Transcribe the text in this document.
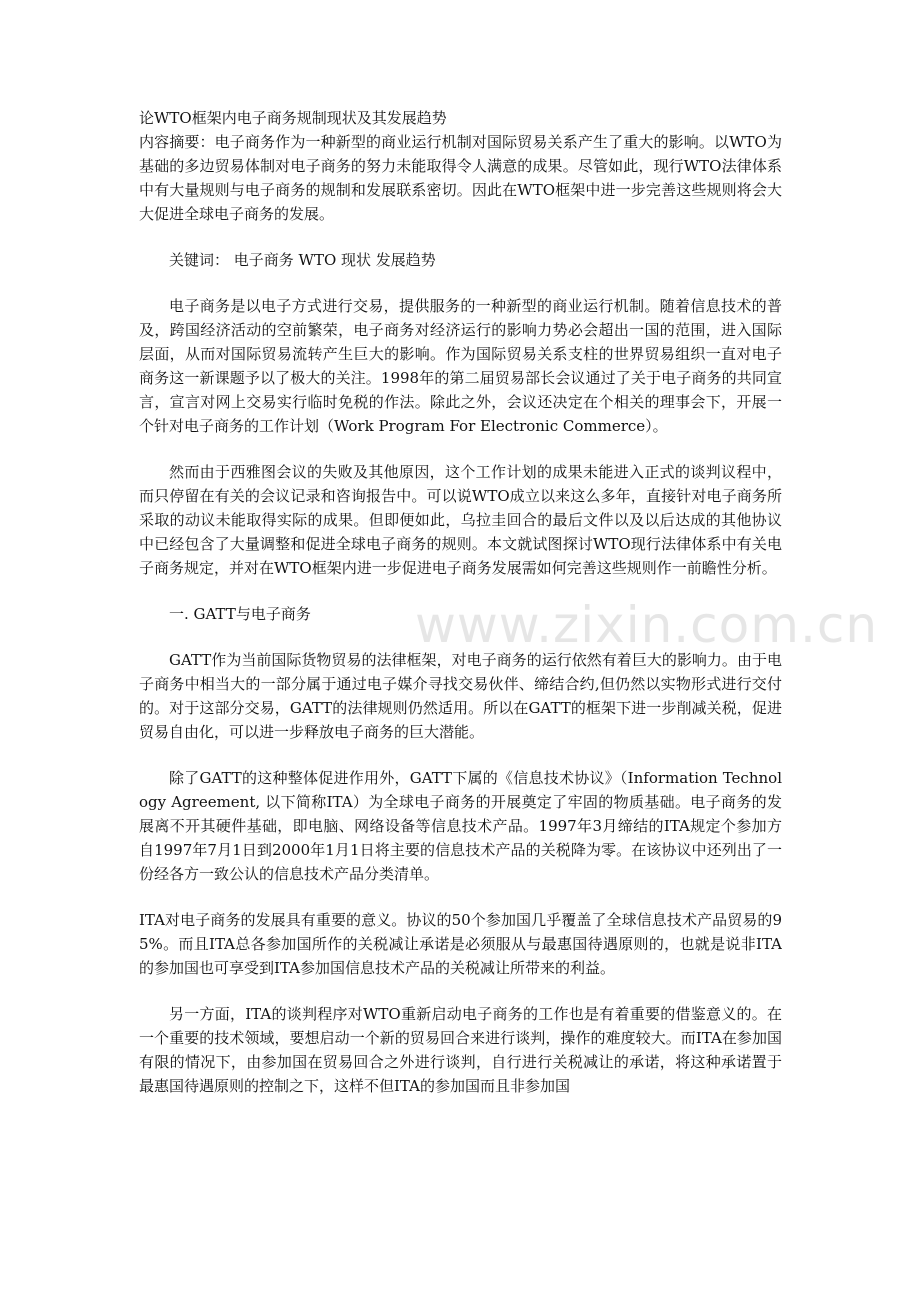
论WTO框架内电子商务规制现状及其发展趋势
内容摘要：电子商务作为一种新型的商业运行机制对国际贸易关系产生了重大的影响。以WTO为基础的多边贸易体制对电子商务的努力未能取得令人满意的成果。尽管如此，现行WTO法律体系中有大量规则与电子商务的规制和发展联系密切。因此在WTO框架中进一步完善这些规则将会大大促进全球电子商务的发展。
关键词： 电子商务 WTO 现状 发展趋势
电子商务是以电子方式进行交易，提供服务的一种新型的商业运行机制。随着信息技术的普及，跨国经济活动的空前繁荣，电子商务对经济运行的影响力势必会超出一国的范围，进入国际层面，从而对国际贸易流转产生巨大的影响。作为国际贸易关系支柱的世界贸易组织一直对电子商务这一新课题予以了极大的关注。1998年的第二届贸易部长会议通过了关于电子商务的共同宣言，宣言对网上交易实行临时免税的作法。除此之外，会议还决定在个相关的理事会下，开展一个针对电子商务的工作计划（Work Program For Electronic Commerce）。
然而由于西雅图会议的失败及其他原因，这个工作计划的成果未能进入正式的谈判议程中，而只停留在有关的会议记录和咨询报告中。可以说WTO成立以来这么多年，直接针对电子商务所采取的动议未能取得实际的成果。但即便如此，乌拉圭回合的最后文件以及以后达成的其他协议中已经包含了大量调整和促进全球电子商务的规则。本文就试图探讨WTO现行法律体系中有关电子商务规定，并对在WTO框架内进一步促进电子商务发展需如何完善这些规则作一前瞻性分析。
一. GATT与电子商务
GATT作为当前国际货物贸易的法律框架，对电子商务的运行依然有着巨大的影响力。由于电子商务中相当大的一部分属于通过电子媒介寻找交易伙伴、缔结合约,但仍然以实物形式进行交付的。对于这部分交易，GATT的法律规则仍然适用。所以在GATT的框架下进一步削减关税，促进贸易自由化，可以进一步释放电子商务的巨大潜能。
除了GATT的这种整体促进作用外，GATT下属的《信息技术协议》（Information Technology Agreement, 以下简称ITA）为全球电子商务的开展奠定了牢固的物质基础。电子商务的发展离不开其硬件基础，即电脑、网络设备等信息技术产品。1997年3月缔结的ITA规定个参加方自1997年7月1日到2000年1月1日将主要的信息技术产品的关税降为零。在该协议中还列出了一份经各方一致公认的信息技术产品分类清单。
ITA对电子商务的发展具有重要的意义。协议的50个参加国几乎覆盖了全球信息技术产品贸易的95%。而且ITA总各参加国所作的关税减让承诺是必须服从与最惠国待遇原则的，也就是说非ITA的参加国也可享受到ITA参加国信息技术产品的关税减让所带来的利益。
另一方面，ITA的谈判程序对WTO重新启动电子商务的工作也是有着重要的借鉴意义的。在一个重要的技术领域，要想启动一个新的贸易回合来进行谈判，操作的难度较大。而ITA在参加国有限的情况下，由参加国在贸易回合之外进行谈判，自行进行关税减让的承诺，将这种承诺置于最惠国待遇原则的控制之下，这样不但ITA的参加国而且非参加国
www.zixin.com.cn
